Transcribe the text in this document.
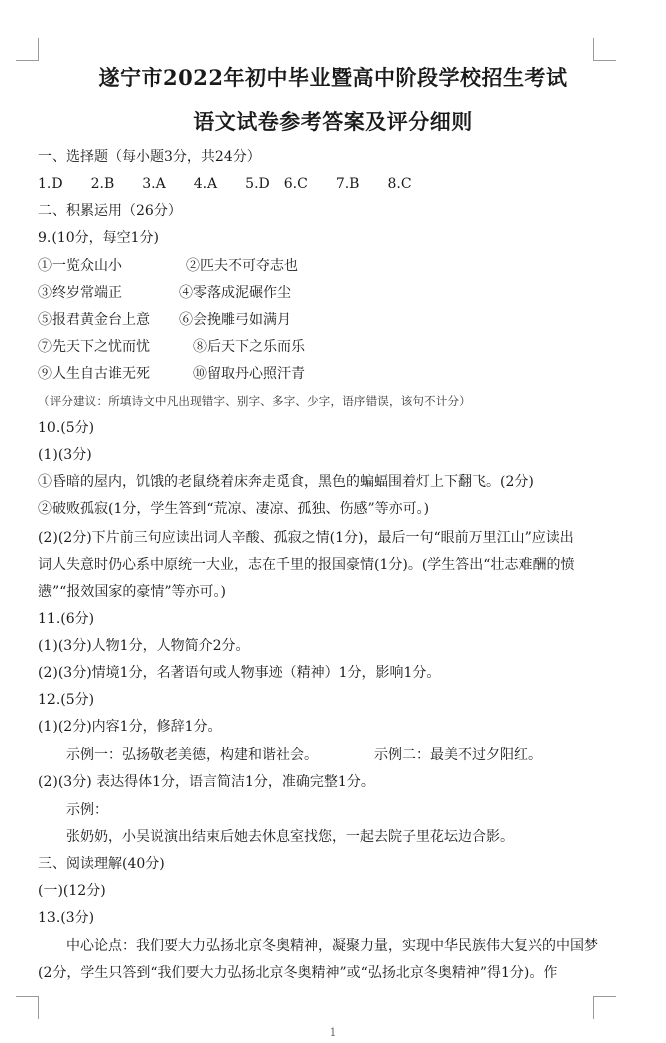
遂宁市2022年初中毕业暨高中阶段学校招生考试
语文试卷参考答案及评分细则
一、选择题（每小题3分，共24分）
1.D　　2.B　　3.A　　4.A　　5.D　6.C　　7.B　　8.C
二、积累运用（26分）
9.(10分，每空1分)
①一览众山小	②匹夫不可夺志也
③终岁常端正	④零落成泥碾作尘
⑤报君黄金台上意 ⑥会挽雕弓如满月
⑦先天下之忧而忧	⑧后天下之乐而乐
⑨人生自古谁无死	⑩留取丹心照汗青
（评分建议：所填诗文中凡出现错字、别字、多字、少字，语序错误，该句不计分）
10.(5分)
(1)(3分)
①昏暗的屋内，饥饿的老鼠绕着床奔走觅食，黑色的蝙蝠围着灯上下翻飞。(2分)
②破败孤寂(1分，学生答到“荒凉、凄凉、孤独、伤感”等亦可。)
(2)(2分)下片前三句应读出词人辛酸、孤寂之情(1分)，最后一句“眼前万里江山”应读出
词人失意时仍心系中原统一大业，志在千里的报国豪情(1分)。(学生答出“壮志难酬的愤
懑”“报效国家的豪情”等亦可。)
11.(6分)
(1)(3分)人物1分，人物简介2分。
(2)(3分)情境1分，名著语句或人物事迹（精神）1分，影响1分。
12.(5分)
(1)(2分)内容1分，修辞1分。
示例一：弘扬敬老美德，构建和谐社会。	示例二：最美不过夕阳红。
(2)(3分) 表达得体1分，语言简洁1分，准确完整1分。
示例：
张奶奶，小吴说演出结束后她去休息室找您，一起去院子里花坛边合影。
三、阅读理解(40分)
(一)(12分)
13.(3分)
中心论点：我们要大力弘扬北京冬奥精神，凝聚力量，实现中华民族伟大复兴的中国梦
(2分，学生只答到“我们要大力弘扬北京冬奥精神”或“弘扬北京冬奥精神”得1分)。作
1
